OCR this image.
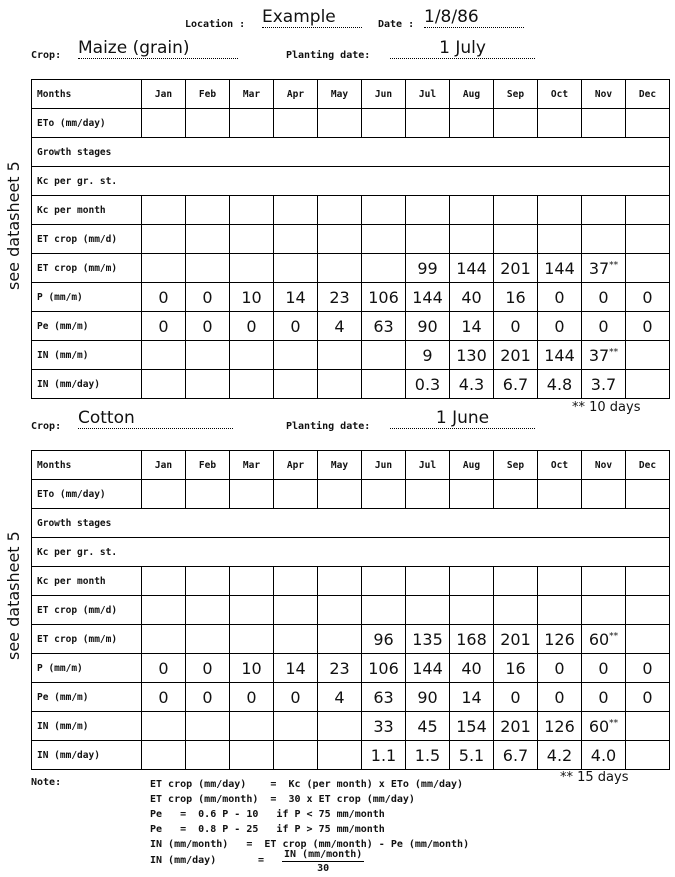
Location : Example	Date : 1/8/86
Crop: Maize (grain)	Planting date:	1 July
see datasheet 5
Months	Jan	Feb	Mar	Apr	May	Jun	Jul	Aug	Sep	Oct	Nov	Dec
ETo (mm/day)												
Growth stages												
Kc per gr. st.												
Kc per month												
ET crop (mm/d)												
ET crop (mm/m)							99	144	201	144	37**	
P (mm/m)	0	0	10	14	23	106	144	40	16	0	0	0
Pe (mm/m)	0	0	0	0	4	63	90	14	0	0	0	0
IN (mm/m)							9	130	201	144	37**	
IN (mm/day)							0.3	4.3	6.7	4.8	3.7	
** 10 days
Crop: Cotton	Planting date:	1 June
see datasheet 5
Months	Jan	Feb	Mar	Apr	May	Jun	Jul	Aug	Sep	Oct	Nov	Dec
ETo (mm/day)												
Growth stages												
Kc per gr. st.												
Kc per month												
ET crop (mm/d)												
ET crop (mm/m)						96	135	168	201	126	60**	
P (mm/m)	0	0	10	14	23	106	144	40	16	0	0	0
Pe (mm/m)	0	0	0	0	4	63	90	14	0	0	0	0
IN (mm/m)						33	45	154	201	126	60**	
IN (mm/day)						1.1	1.5	5.1	6.7	4.2	4.0	
** 15 days
Note:	ET crop (mm/day)    =  Kc (per month) x ETo (mm/day)
ET crop (mm/month)  =  30 x ET crop (mm/day)
Pe   =  0.6 P - 10   if P < 75 mm/month
Pe   =  0.8 P - 25   if P > 75 mm/month
IN (mm/month)   =  ET crop (mm/month) - Pe (mm/month)
IN (mm/day)	=
IN (mm/month)
30
